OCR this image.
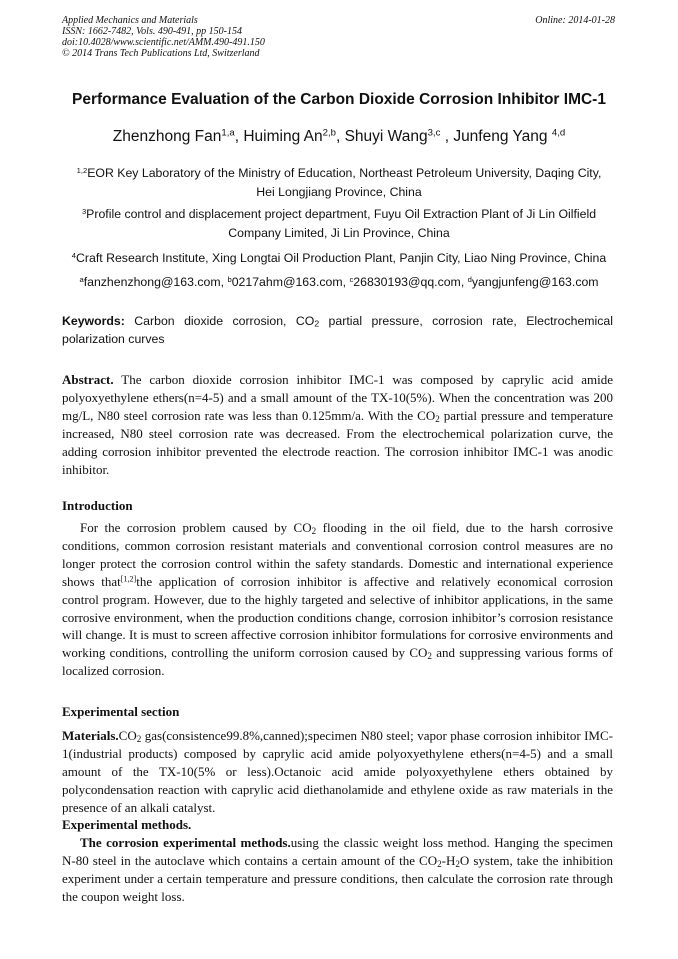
Applied Mechanics and Materials
ISSN: 1662-7482, Vols. 490-491, pp 150-154
doi:10.4028/www.scientific.net/AMM.490-491.150
© 2014 Trans Tech Publications Ltd, Switzerland
Online: 2014-01-28
Performance Evaluation of the Carbon Dioxide Corrosion Inhibitor IMC-1
Zhenzhong Fan$^{1,a}$, Huiming An$^{2,b}$, Shuyi Wang$^{3,c}$ , Junfeng Yang $^{4,d}$
$^{1,2}$EOR Key Laboratory of the Ministry of Education, Northeast Petroleum University, Daqing City,
Hei Longjiang Province, China
$^3$Profile control and displacement project department, Fuyu Oil Extraction Plant of Ji Lin Oilfield
Company Limited, Ji Lin Province, China
$^4$Craft Research Institute, Xing Longtai Oil Production Plant, Panjin City, Liao Ning Province, China
$^a$fanzhenzhong@163.com, $^b$0217ahm@163.com, $^c$26830193@qq.com, $^d$yangjunfeng@163.com
Keywords: Carbon dioxide corrosion, $CO_2$ partial pressure, corrosion rate, Electrochemical polarization curves
Abstract. The carbon dioxide corrosion inhibitor IMC-1 was composed by caprylic acid amide polyoxyethylene ethers(n=4-5) and a small amount of the TX-10(5%). When the concentration was 200 mg/L, N80 steel corrosion rate was less than 0.125mm/a. With the $CO_2$ partial pressure and temperature increased, N80 steel corrosion rate was decreased. From the electrochemical polarization curve, the adding corrosion inhibitor prevented the electrode reaction. The corrosion inhibitor IMC-1 was anodic inhibitor.
Introduction
For the corrosion problem caused by $CO_2$ flooding in the oil field, due to the harsh corrosive conditions, common corrosion resistant materials and conventional corrosion control measures are no longer protect the corrosion control within the safety standards. Domestic and international experience shows that[1,2]the application of corrosion inhibitor is affective and relatively economical corrosion control program. However, due to the highly targeted and selective of inhibitor applications, in the same corrosive environment, when the production conditions change, corrosion inhibitor’s corrosion resistance will change. It is must to screen affective corrosion inhibitor formulations for corrosive environments and working conditions, controlling the uniform corrosion caused by $CO_2$ and suppressing various forms of localized corrosion.
Experimental section
$Materials.CO_2$ gas(consistence99.8%,canned);specimen N80 steel; vapor phase corrosion inhibitor IMC-1(industrial products) composed by caprylic acid amide polyoxyethylene ethers(n=4-5) and a small amount of the TX-10(5% or less).Octanoic acid amide polyoxyethylene ethers obtained by polycondensation reaction with caprylic acid diethanolamide and ethylene oxide as raw materials in the presence of an alkali catalyst.
Experimental methods.
The corrosion experimental methods.using the classic weight loss method. Hanging the specimen N-80 steel in the autoclave which contains a certain amount of the $CO_2-H_2O$ system, take the inhibition experiment under a certain temperature and pressure conditions, then calculate the corrosion rate through the coupon weight loss.
